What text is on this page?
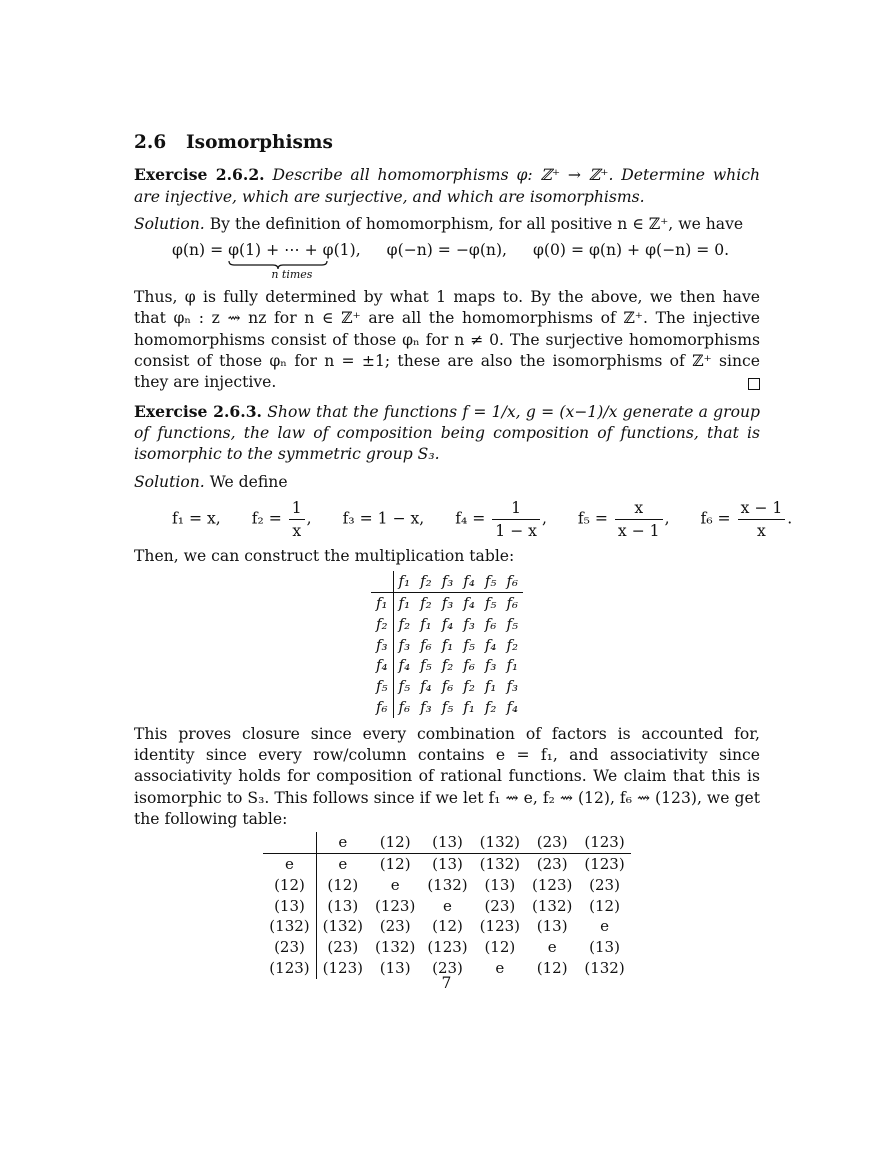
2.6 Isomorphisms

Exercise 2.6.2. Describe all homomorphisms φ: ℤ⁺ → ℤ⁺. Determine which are injective, which are surjective, and which are isomorphisms.

Solution. By the definition of homomorphism, for all positive n ∈ ℤ⁺, we have

φ(n) = φ(1) + ⋯ + φ(1)
n times
, φ(−n) = −φ(n), φ(0) = φ(n) + φ(−n) = 0.

Thus, φ is fully determined by what 1 maps to. By the above, we then have that φₙ : z ⇝ nz for n ∈ ℤ⁺ are all the homomorphisms of ℤ⁺. The injective homomorphisms consist of those φₙ for n ≠ 0. The surjective homomorphisms consist of those φₙ for n = ±1; these are also the isomorphisms of ℤ⁺ since they are injective.

Exercise 2.6.3. Show that the functions f = 1/x, g = (x−1)/x generate a group of functions, the law of composition being composition of functions, that is isomorphic to the symmetric group S₃.

Solution. We define

f₁ = x, $f_2 = \frac{1}{x}$ , f₃ = 1 − x, $f_4 = \frac{1}{1 - x}$ , $f_5 = \frac{x}{x - 1}$ , $f_6 = \frac{x - 1}{x}$ .

Then, we can construct the multiplication table:

	f₁	f₂	f₃	f₄	f₅	f₆
f₁	f₁	f₂	f₃	f₄	f₅	f₆
f₂	f₂	f₁	f₄	f₃	f₆	f₅
f₃	f₃	f₆	f₁	f₅	f₄	f₂
f₄	f₄	f₅	f₂	f₆	f₃	f₁
f₅	f₅	f₄	f₆	f₂	f₁	f₃
f₆	f₆	f₃	f₅	f₁	f₂	f₄

This proves closure since every combination of factors is accounted for, identity since every row/column contains e = f₁, and associativity since associativity holds for composition of rational functions. We claim that this is isomorphic to S₃. This follows since if we let f₁ ⇝ e, f₂ ⇝ (12), f₆ ⇝ (123), we get the following table:

	e	(12)	(13)	(132)	(23)	(123)
e	e	(12)	(13)	(132)	(23)	(123)
(12)	(12)	e	(132)	(13)	(123)	(23)
(13)	(13)	(123)	e	(23)	(132)	(12)
(132)	(132)	(23)	(12)	(123)	(13)	e
(23)	(23)	(132)	(123)	(12)	e	(13)
(123)	(123)	(13)	(23)	e	(12)	(132)
7
